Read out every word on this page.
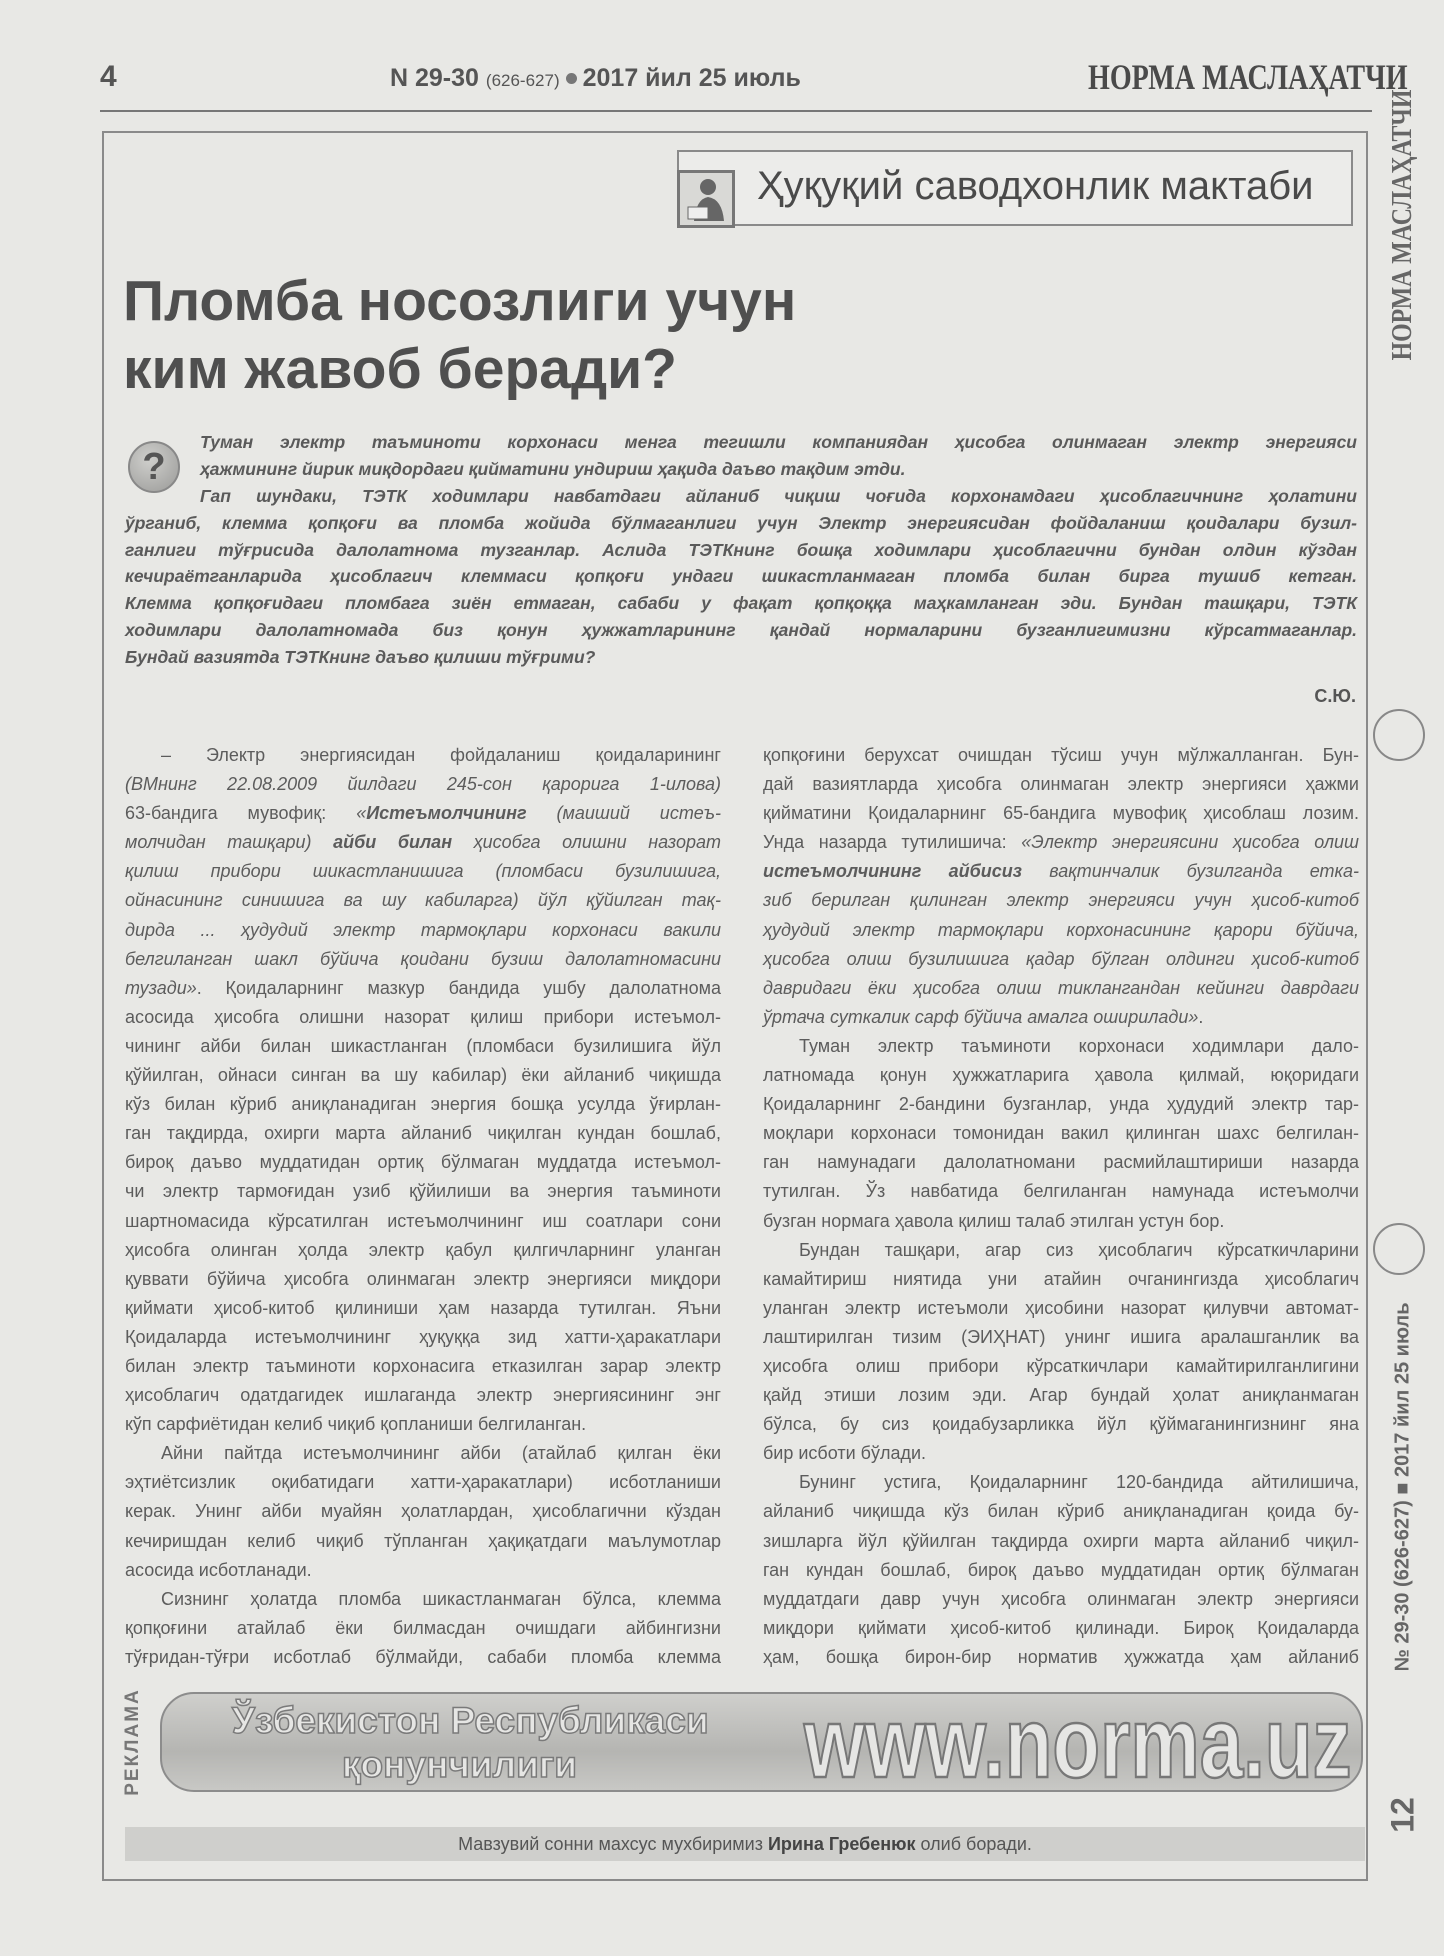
4	N 29-30 (626-627) 2017 йил 25 июль	НОРМА МАСЛАҲАТЧИ
Ҳуқуқий саводхонлик мактаби
Пломба носозлиги учун
ким жавоб беради?
?
Туман электр таъминоти корхонаси менга тегишли компаниядан ҳисобга олинмаган электр энергияси
ҳажмининг йирик миқдордаги қийматини ундириш ҳақида даъво тақдим этди.
Гап шундаки, ТЭТК ходимлари навбатдаги айланиб чиқиш чоғида корхонамдаги ҳисоблагичнинг ҳолатини
ўрганиб, клемма қопқоғи ва пломба жойида бўлмаганлиги учун Электр энергиясидан фойдаланиш қоидалари бузил-
ганлиги тўғрисида далолатнома тузганлар. Аслида ТЭТКнинг бошқа ходимлари ҳисоблагични бундан олдин кўздан
кечираётганларида ҳисоблагич клеммаси қопқоғи ундаги шикастланмаган пломба билан бирга тушиб кетган.
Клемма қопқоғидаги пломбага зиён етмаган, сабаби у фақат қопқоққа маҳкамланган эди. Бундан ташқари, ТЭТК
ходимлари далолатномада биз қонун ҳужжатларининг қандай нормаларини бузганлигимизни кўрсатмаганлар.
Бундай вазиятда ТЭТКнинг даъво қилиши тўғрими?
С.Ю.
– Электр энергиясидан фойдаланиш қоидаларининг
(ВМнинг 22.08.2009 йилдаги 245-сон қарорига 1-илова)
63-бандига мувофиқ: «Истеъмолчининг (маиший истеъ-
молчидан ташқари) айби билан ҳисобга олишни назорат
қилиш прибори шикастланишига (пломбаси бузилишига,
ойнасининг синишига ва шу кабиларга) йўл қўйилган тақ-
дирда ... ҳудудий электр тармоқлари корхонаси вакили
белгиланган шакл бўйича қоидани бузиш далолатномасини
тузади». Қоидаларнинг мазкур бандида ушбу далолатнома
асосида ҳисобга олишни назорат қилиш прибори истеъмол-
чининг айби билан шикастланган (пломбаси бузилишига йўл
қўйилган, ойнаси синган ва шу кабилар) ёки айланиб чиқишда
кўз билан кўриб аниқланадиган энергия бошқа усулда ўғирлан-
ган тақдирда, охирги марта айланиб чиқилган кундан бошлаб,
бироқ даъво муддатидан ортиқ бўлмаган муддатда истеъмол-
чи электр тармоғидан узиб қўйилиши ва энергия таъминоти
шартномасида кўрсатилган истеъмолчининг иш соатлари сони
ҳисобга олинган ҳолда электр қабул қилгичларнинг уланган
қуввати бўйича ҳисобга олинмаган электр энергияси миқдори
қиймати ҳисоб-китоб қилиниши ҳам назарда тутилган. Яъни
Қоидаларда истеъмолчининг ҳуқуққа зид хатти-ҳаракатлари
билан электр таъминоти корхонасига етказилган зарар электр
ҳисоблагич одатдагидек ишлаганда электр энергиясининг энг
кўп сарфиётидан келиб чиқиб қопланиши белгиланган.
Айни пайтда истеъмолчининг айби (атайлаб қилган ёки
эҳтиётсизлик оқибатидаги хатти-ҳаракатлари) исботланиши
керак. Унинг айби муайян ҳолатлардан, ҳисоблагични кўздан
кечиришдан келиб чиқиб тўпланган ҳақиқатдаги маълумотлар
асосида исботланади.
Сизнинг ҳолатда пломба шикастланмаган бўлса, клемма
қопқоғини атайлаб ёки билмасдан очишдаги айбингизни
тўғридан-тўғри исботлаб бўлмайди, сабаби пломба клемма
қопқоғини берухсат очишдан тўсиш учун мўлжалланган. Бун-
дай вазиятларда ҳисобга олинмаган электр энергияси ҳажми
қийматини Қоидаларнинг 65-бандига мувофиқ ҳисоблаш лозим.
Унда назарда тутилишича: «Электр энергиясини ҳисобга олиш
истеъмолчининг айбисиз вақтинчалик бузилганда етка-
зиб берилган қилинган электр энергияси учун ҳисоб-китоб
ҳудудий электр тармоқлари корхонасининг қарори бўйича,
ҳисобга олиш бузилишига қадар бўлган олдинги ҳисоб-китоб
давридаги ёки ҳисобга олиш тиклангандан кейинги даврдаги
ўртача суткалик сарф бўйича амалга оширилади».
Туман электр таъминоти корхонаси ходимлари дало-
латномада қонун ҳужжатларига ҳавола қилмай, юқоридаги
Қоидаларнинг 2-бандини бузганлар, унда ҳудудий электр тар-
моқлари корхонаси томонидан вакил қилинган шахс белгилан-
ган намунадаги далолатномани расмийлаштириши назарда
тутилган. Ўз навбатида белгиланган намунада истеъмолчи
бузган нормага ҳавола қилиш талаб этилган устун бор.
Бундан ташқари, агар сиз ҳисоблагич кўрсаткичларини
камайтириш ниятида уни атайин очганингизда ҳисоблагич
уланган электр истеъмоли ҳисобини назорат қилувчи автомат-
лаштирилган тизим (ЭИҲНАТ) унинг ишига аралашганлик ва
ҳисобга олиш прибори кўрсаткичлари камайтирилганлигини
қайд этиши лозим эди. Агар бундай ҳолат аниқланмаган
бўлса, бу сиз қоидабузарликка йўл қўймаганингизнинг яна
бир исботи бўлади.
Бунинг устига, Қоидаларнинг 120-бандида айтилишича,
айланиб чиқишда кўз билан кўриб аниқланадиган қоида бу-
зишларга йўл қўйилган тақдирда охирги марта айланиб чиқил-
ган кундан бошлаб, бироқ даъво муддатидан ортиқ бўлмаган
муддатдаги давр учун ҳисобга олинмаган электр энергияси
миқдори қиймати ҳисоб-китоб қилинади. Бироқ Қоидаларда
ҳам, бошқа бирон-бир норматив ҳужжатда ҳам айланиб
НОРМА МАСЛАҲАТЧИ
№ 29-30 (626-627) ■ 2017 йил 25 июль
12
РЕКЛАМА Ўзбекистон Республикаси
қонунчилиги www.norma.uz
Мавзувий сонни махсус мухбиримиз Ирина Гребенюк олиб боради.
